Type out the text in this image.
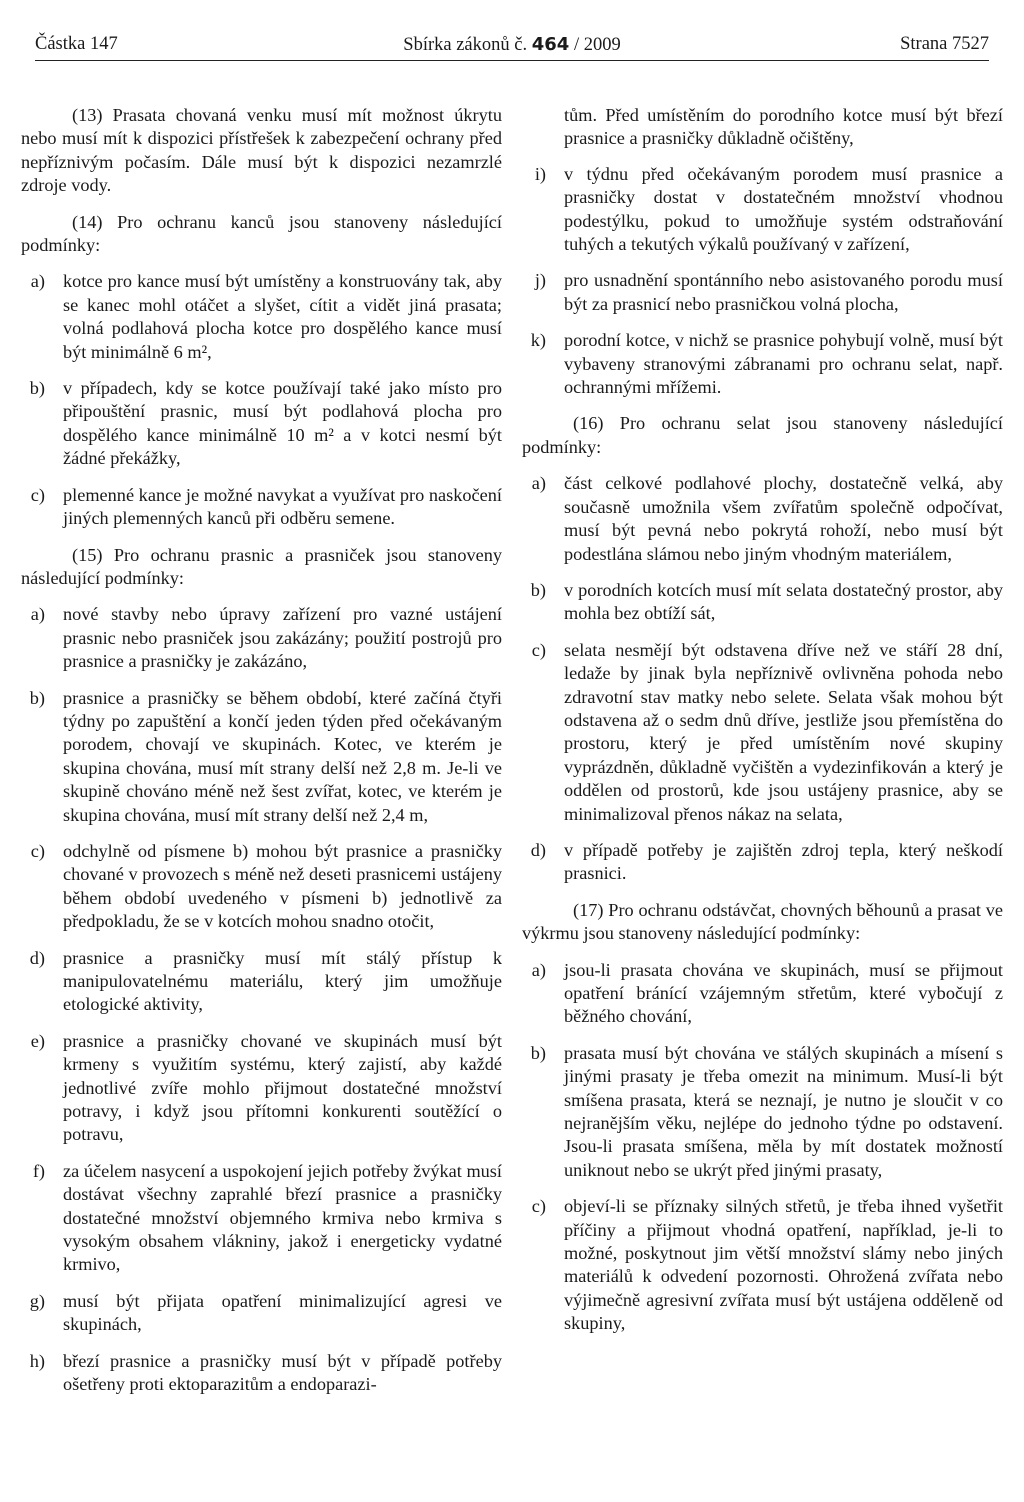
Částka 147	Sbírka zákonů č. 464 / 2009	Strana 7527

(13) Prasata chovaná venku musí mít možnost úkrytu nebo musí mít k dispozici přístřešek k zabezpečení ochrany před nepříznivým počasím. Dále musí být k dispozici nezamrzlé zdroje vody.

(14) Pro ochranu kanců jsou stanoveny následující podmínky:

a) kotce pro kance musí být umístěny a konstruovány tak, aby se kanec mohl otáčet a slyšet, cítit a vidět jiná prasata; volná podlahová plocha kotce pro dospělého kance musí být minimálně 6 m²,
b) v případech, kdy se kotce používají také jako místo pro připouštění prasnic, musí být podlahová plocha pro dospělého kance minimálně 10 m² a v kotci nesmí být žádné překážky,
c) plemenné kance je možné navykat a využívat pro naskočení jiných plemenných kanců při odběru semene.

(15) Pro ochranu prasnic a prasniček jsou stanoveny následující podmínky:

a) nové stavby nebo úpravy zařízení pro vazné ustájení prasnic nebo prasniček jsou zakázány; použití postrojů pro prasnice a prasničky je zakázáno,
b) prasnice a prasničky se během období, které začíná čtyři týdny po zapuštění a končí jeden týden před očekávaným porodem, chovají ve skupinách. Kotec, ve kterém je skupina chována, musí mít strany delší než 2,8 m. Je-li ve skupině chováno méně než šest zvířat, kotec, ve kterém je skupina chována, musí mít strany delší než 2,4 m,
c) odchylně od písmene b) mohou být prasnice a prasničky chované v provozech s méně než deseti prasnicemi ustájeny během období uvedeného v písmeni b) jednotlivě za předpokladu, že se v kotcích mohou snadno otočit,
d) prasnice a prasničky musí mít stálý přístup k manipulovatelnému materiálu, který jim umožňuje etologické aktivity,
e) prasnice a prasničky chované ve skupinách musí být krmeny s využitím systému, který zajistí, aby každé jednotlivé zvíře mohlo přijmout dostatečné množství potravy, i když jsou přítomni konkurenti soutěžící o potravu,
f) za účelem nasycení a uspokojení jejich potřeby žvýkat musí dostávat všechny zaprahlé březí prasnice a prasničky dostatečné množství objemného krmiva nebo krmiva s vysokým obsahem vlákniny, jakož i energeticky vydatné krmivo,
g) musí být přijata opatření minimalizující agresi ve skupinách,
h) březí prasnice a prasničky musí být v případě potřeby ošetřeny proti ektoparazitům a endoparazi-

tům. Před umístěním do porodního kotce musí být březí prasnice a prasničky důkladně očištěny,

i) v týdnu před očekávaným porodem musí prasnice a prasničky dostat v dostatečném množství vhodnou podestýlku, pokud to umožňuje systém odstraňování tuhých a tekutých výkalů používaný v zařízení,
j) pro usnadnění spontánního nebo asistovaného porodu musí být za prasnicí nebo prasničkou volná plocha,
k) porodní kotce, v nichž se prasnice pohybují volně, musí být vybaveny stranovými zábranami pro ochranu selat, např. ochrannými mřížemi.

(16) Pro ochranu selat jsou stanoveny následující podmínky:

a) část celkové podlahové plochy, dostatečně velká, aby současně umožnila všem zvířatům společně odpočívat, musí být pevná nebo pokrytá rohoží, nebo musí být podestlána slámou nebo jiným vhodným materiálem,
b) v porodních kotcích musí mít selata dostatečný prostor, aby mohla bez obtíží sát,
c) selata nesmějí být odstavena dříve než ve stáří 28 dní, ledaže by jinak byla nepříznivě ovlivněna pohoda nebo zdravotní stav matky nebo selete. Selata však mohou být odstavena až o sedm dnů dříve, jestliže jsou přemístěna do prostoru, který je před umístěním nové skupiny vyprázdněn, důkladně vyčištěn a vydezinfikován a který je oddělen od prostorů, kde jsou ustájeny prasnice, aby se minimalizoval přenos nákaz na selata,
d) v případě potřeby je zajištěn zdroj tepla, který neškodí prasnici.

(17) Pro ochranu odstávčat, chovných běhounů a prasat ve výkrmu jsou stanoveny následující podmínky:

a) jsou-li prasata chována ve skupinách, musí se přijmout opatření bránící vzájemným střetům, které vybočují z běžného chování,
b) prasata musí být chována ve stálých skupinách a mísení s jinými prasaty je třeba omezit na minimum. Musí-li být smíšena prasata, která se neznají, je nutno je sloučit v co nejranějším věku, nejlépe do jednoho týdne po odstavení. Jsou-li prasata smíšena, měla by mít dostatek možností uniknout nebo se ukrýt před jinými prasaty,
c) objeví-li se příznaky silných střetů, je třeba ihned vyšetřit příčiny a přijmout vhodná opatření, například, je-li to možné, poskytnout jim větší množství slámy nebo jiných materiálů k odvedení pozornosti. Ohrožená zvířata nebo výjimečně agresivní zvířata musí být ustájena odděleně od skupiny,
